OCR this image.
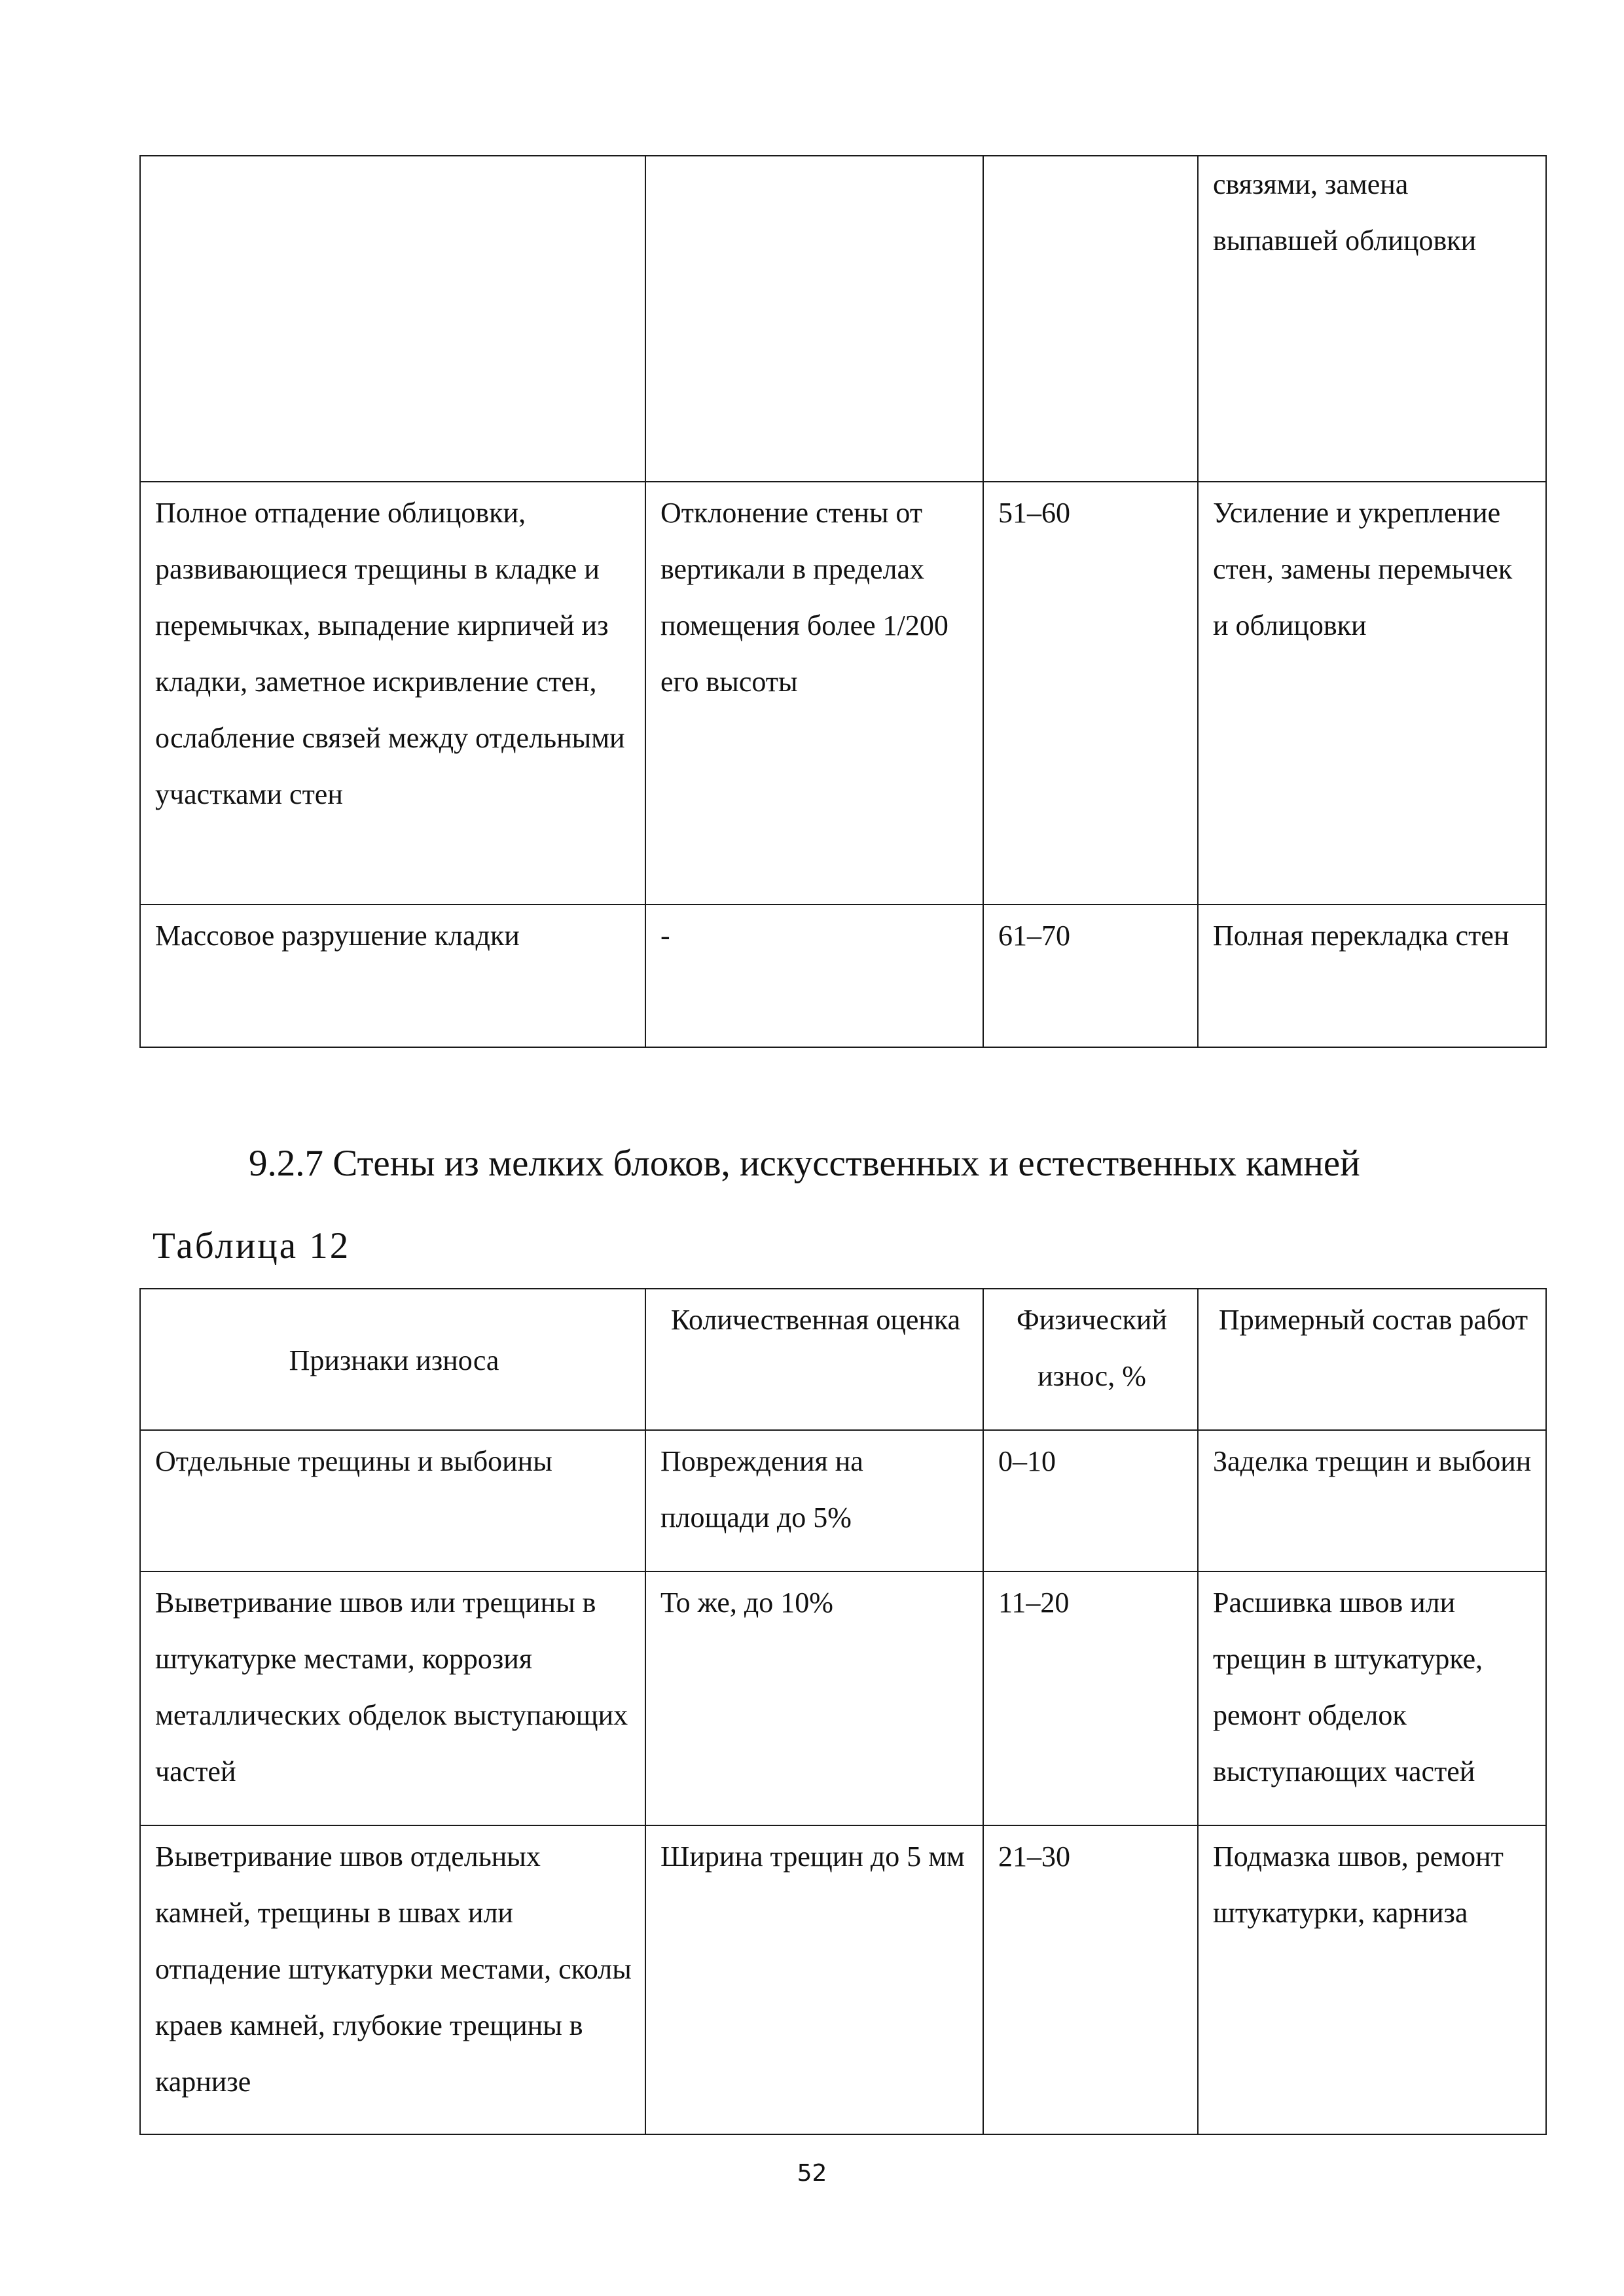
			связями, замена выпавшей облицовки
Полное отпадение облицовки, развивающиеся трещины в кладке и перемычках, выпадение кирпичей из кладки, заметное искривление стен, ослабление связей между отдельными участками стен	Отклонение стены от вертикали в пределах помещения более 1/200 его высоты	51–60	Усиление и укрепление стен, замены перемычек и облицовки
Массовое разрушение кладки	-	61–70	Полная перекладка стен
9.2.7 Стены из мелких блоков, искусственных и естественных камней
Таблица 12
Признаки износа	Количественная оценка	Физический износ, %	Примерный состав работ
Отдельные трещины и выбоины	Повреждения на площади до 5%	0–10	Заделка трещин и выбоин
Выветривание швов или трещины в штукатурке местами, коррозия металлических обделок выступающих частей	То же, до 10%	11–20	Расшивка швов или трещин в штукатурке, ремонт обделок выступающих частей
Выветривание швов отдельных камней, трещины в швах или отпадение штукатурки местами, сколы краев камней, глубокие трещины в карнизе	Ширина трещин до 5 мм	21–30	Подмазка швов, ремонт штукатурки, карниза
52
